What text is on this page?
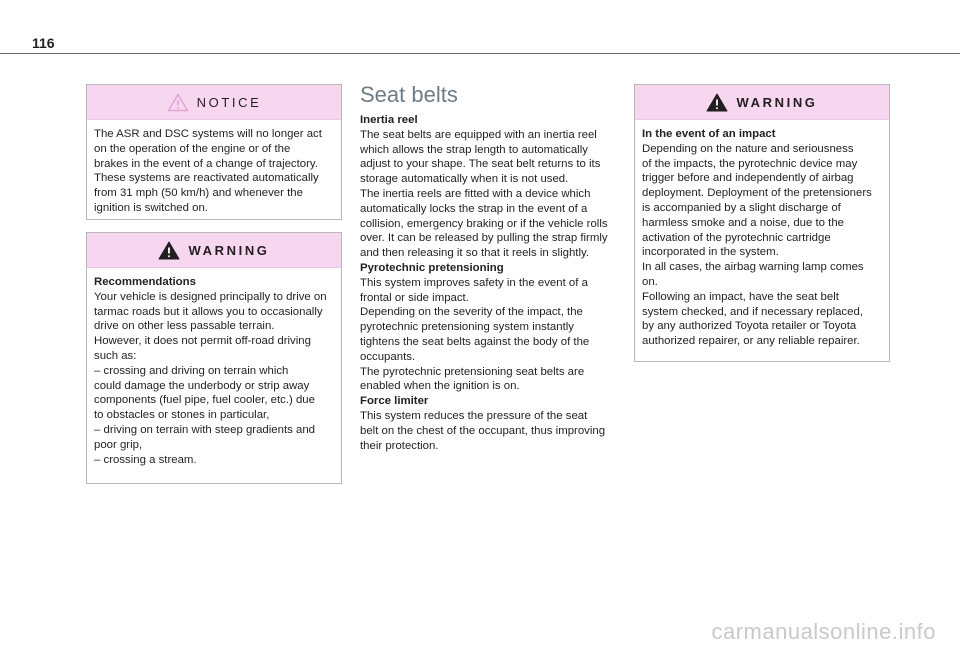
116
NOTICE
The ASR and DSC systems will no longer act
on the operation of the engine or of the
brakes in the event of a change of trajectory.
These systems are reactivated automatically
from 31 mph (50 km/h) and whenever the
ignition is switched on.
WARNING
Recommendations
Your vehicle is designed principally to drive on
tarmac roads but it allows you to occasionally
drive on other less passable terrain.
However, it does not permit off-road driving
such as:
– crossing and driving on terrain which
could damage the underbody or strip away
components (fuel pipe, fuel cooler, etc.) due
to obstacles or stones in particular,
– driving on terrain with steep gradients and
poor grip,
– crossing a stream.
Seat belts
Inertia reel
The seat belts are equipped with an inertia reel
which allows the strap length to automatically
adjust to your shape. The seat belt returns to its
storage automatically when it is not used.
The inertia reels are fitted with a device which
automatically locks the strap in the event of a
collision, emergency braking or if the vehicle rolls
over. It can be released by pulling the strap firmly
and then releasing it so that it reels in slightly.
Pyrotechnic pretensioning
This system improves safety in the event of a
frontal or side impact.
Depending on the severity of the impact, the
pyrotechnic pretensioning system instantly
tightens the seat belts against the body of the
occupants.
The pyrotechnic pretensioning seat belts are
enabled when the ignition is on.
Force limiter
This system reduces the pressure of the seat
belt on the chest of the occupant, thus improving
their protection.
WARNING
In the event of an impact
Depending on the nature and seriousness
of the impacts, the pyrotechnic device may
trigger before and independently of airbag
deployment. Deployment of the pretensioners
is accompanied by a slight discharge of
harmless smoke and a noise, due to the
activation of the pyrotechnic cartridge
incorporated in the system.
In all cases, the airbag warning lamp comes
on.
Following an impact, have the seat belt
system checked, and if necessary replaced,
by any authorized Toyota retailer or Toyota
authorized repairer, or any reliable repairer.
carmanualsonline.info
